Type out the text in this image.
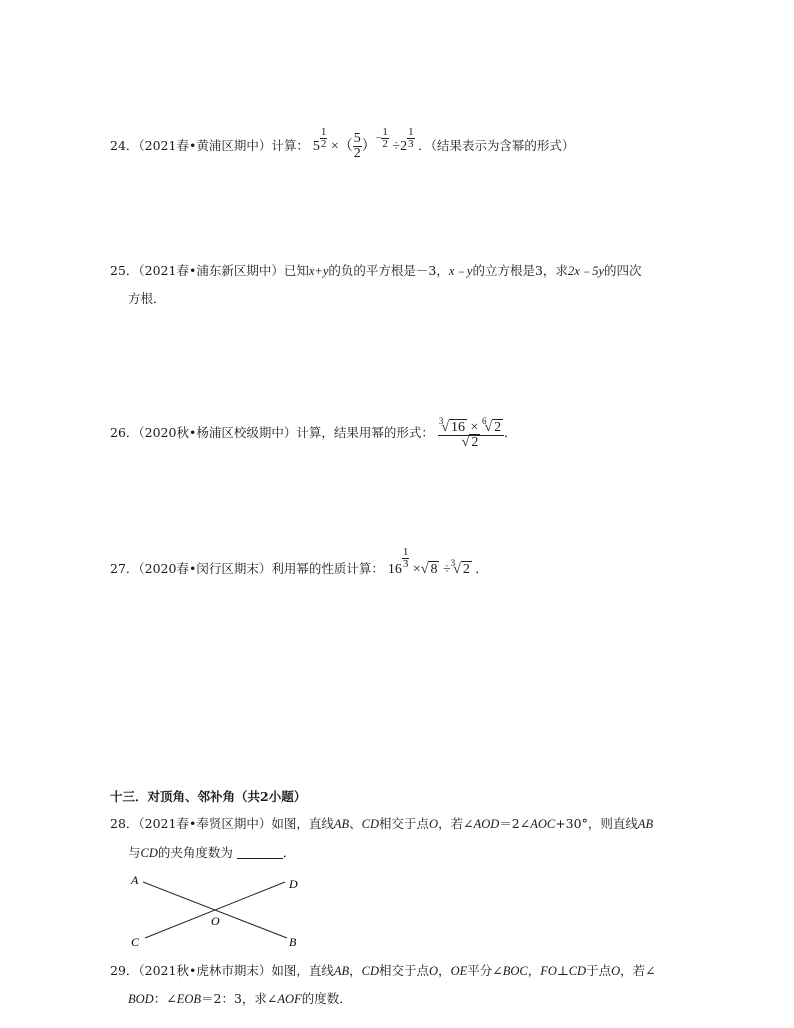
24．（2021春•黄浦区期中）计算： $5 \frac{1}{2}$ ×（ $\frac{5}{2}$ ）− $\frac{1}{2} \div 2 \frac{1}{3}$ ．（结果表示为含幂的形式）
25．（2021春•浦东新区期中）已知x+y的负的平方根是－3，x﹣y的立方根是3，求2x﹣5y的四次
方根．
26．（2020秋•杨浦区校级期中）计算，结果用幂的形式： $\frac{^3√ 16 \times ^6√ 2}{√ 2}$ ．
27．（2020春•闵行区期末）利用幂的性质计算： $16 \frac{1}{3}$ ×√ 8 ÷$^3$√ 2 ．
十三．对顶角、邻补角（共2小题）
28．（2021春•奉贤区期中）如图，直线AB、CD相交于点O，若∠AOD＝2∠AOC+30°，则直线AB
与CD的夹角度数为	．
A	D
O
C	B
29．（2021秋•虎林市期末）如图，直线AB，CD相交于点O，OE平分∠BOC，FO⊥CD于点O，若∠
BOD：∠EOB＝2：3，求∠AOF的度数．
